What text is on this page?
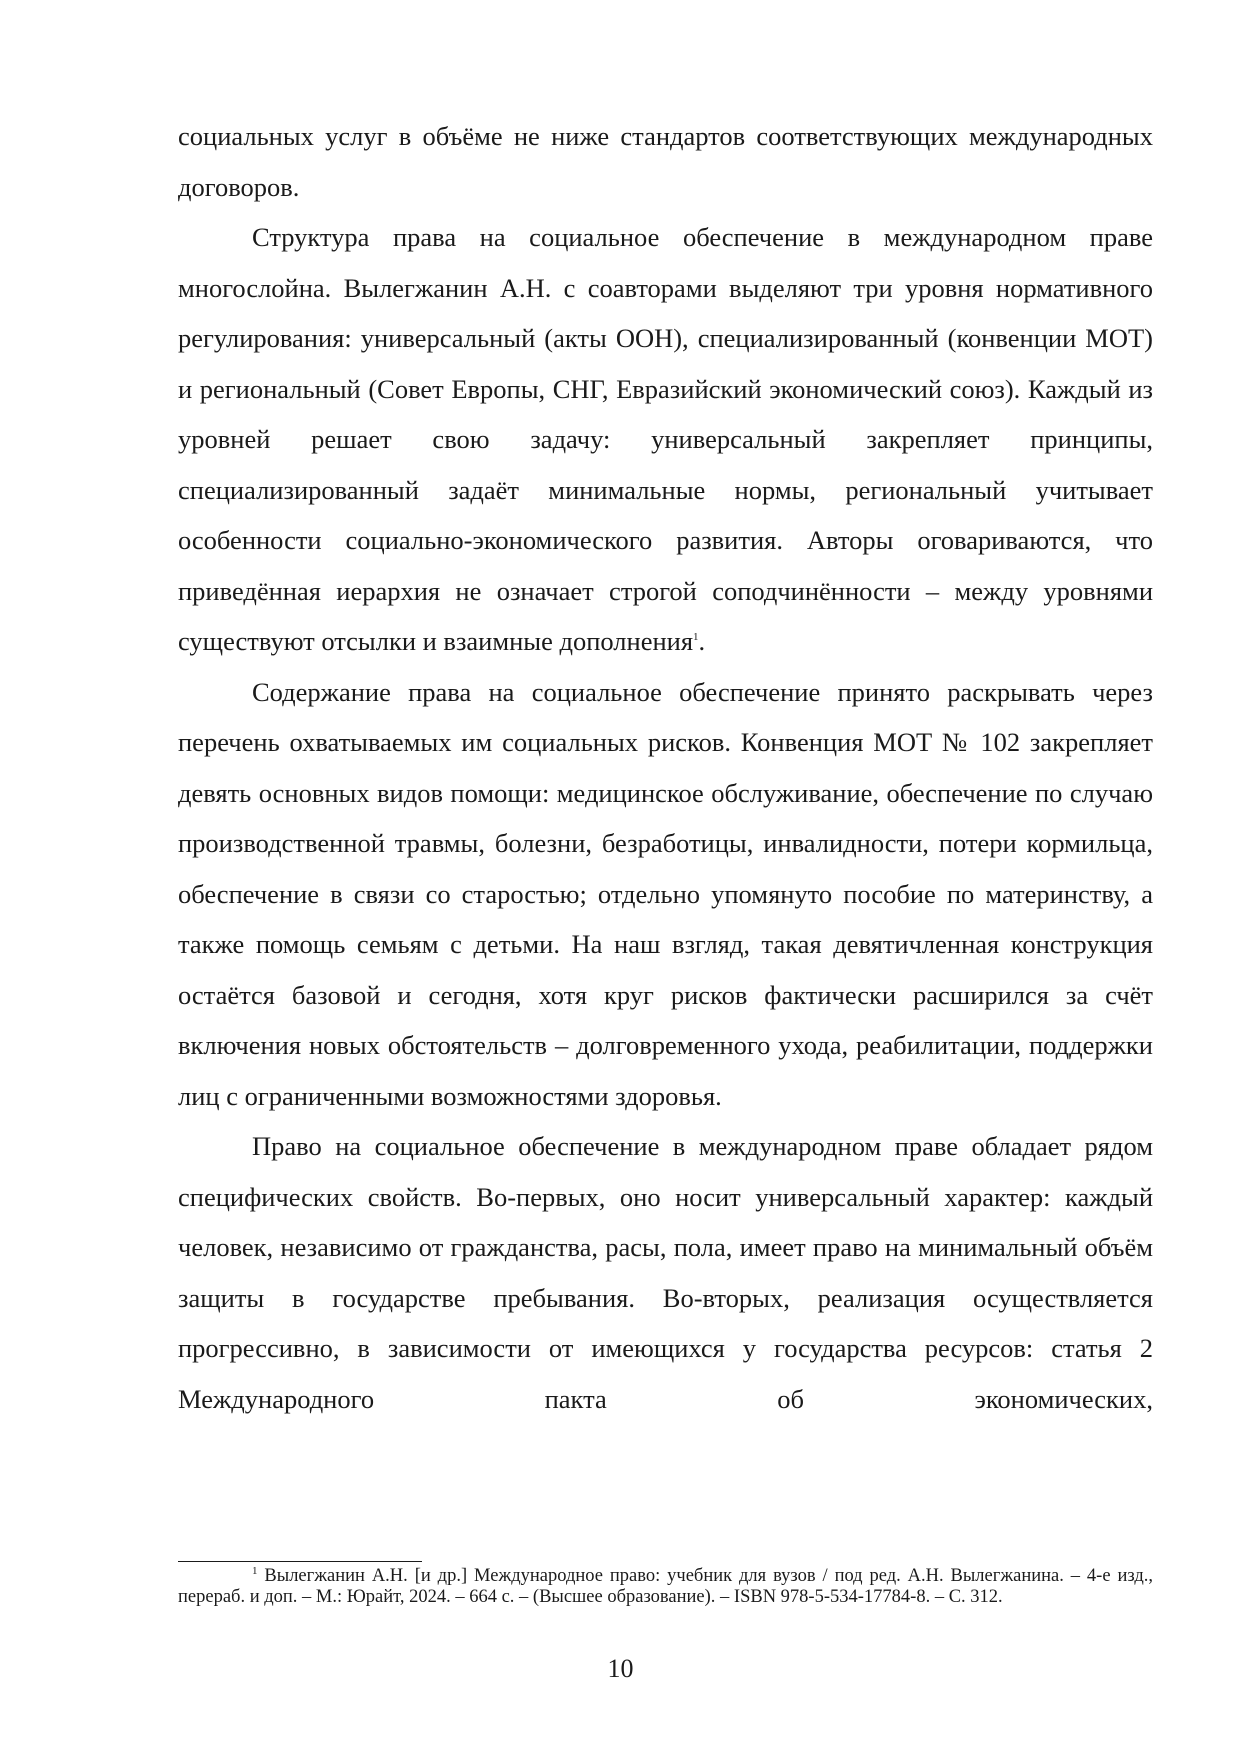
социальных услуг в объёме не ниже стандартов соответствующих международных договоров.

Структура права на социальное обеспечение в международном праве многослойна. Вылегжанин А.Н. с соавторами выделяют три уровня нормативного регулирования: универсальный (акты ООН), специализированный (конвенции МОТ) и региональный (Совет Европы, СНГ, Евразийский экономический союз). Каждый из уровней решает свою задачу: универсальный закрепляет принципы, специализированный задаёт минимальные нормы, региональный учитывает особенности социально-экономического развития. Авторы оговариваются, что приведённая иерархия не означает строгой соподчинённости – между уровнями существуют отсылки и взаимные дополнения$^1$.

Содержание права на социальное обеспечение принято раскрывать через перечень охватываемых им социальных рисков. Конвенция МОТ № 102 закрепляет девять основных видов помощи: медицинское обслуживание, обеспечение по случаю производственной травмы, болезни, безработицы, инвалидности, потери кормильца, обеспечение в связи со старостью; отдельно упомянуто пособие по материнству, а также помощь семьям с детьми. На наш взгляд, такая девятичленная конструкция остаётся базовой и сегодня, хотя круг рисков фактически расширился за счёт включения новых обстоятельств – долговременного ухода, реабилитации, поддержки лиц с ограниченными возможностями здоровья.

Право на социальное обеспечение в международном праве обладает рядом специфических свойств. Во-первых, оно носит универсальный характер: каждый человек, независимо от гражданства, расы, пола, имеет право на минимальный объём защиты в государстве пребывания. Во-вторых, реализация осуществляется прогрессивно, в зависимости от имеющихся у государства ресурсов: статья 2 Международного пакта об экономических,

$^1$ Вылегжанин А.Н. [и др.] Международное право: учебник для вузов / под ред. А.Н. Вылегжанина. – 4-е изд., перераб. и доп. – М.: Юрайт, 2024. – 664 с. – (Высшее образование). – ISBN 978-5-534-17784-8. – С. 312.
10
